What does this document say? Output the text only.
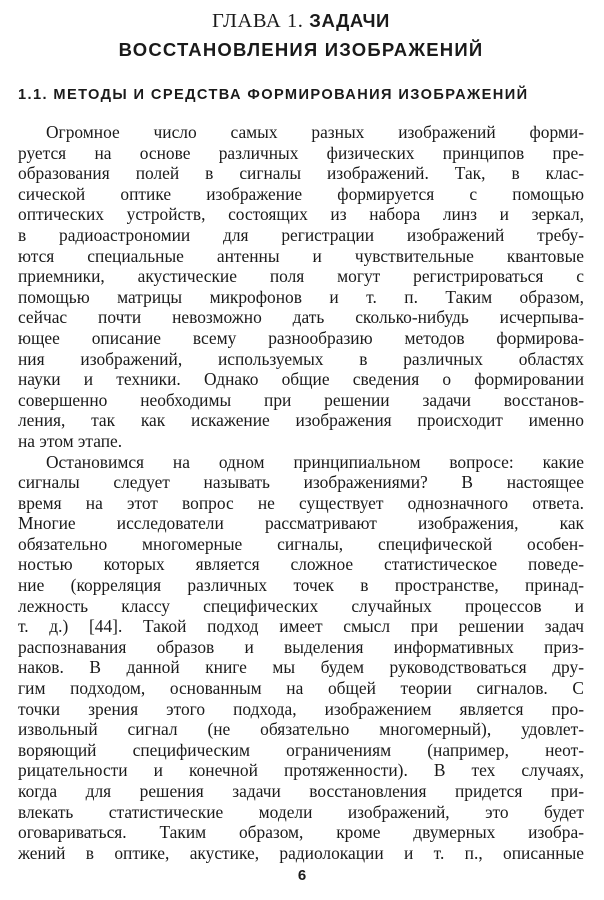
ГЛАВА 1. ЗАДАЧИ
ВОССТАНОВЛЕНИЯ ИЗОБРАЖЕНИЙ
1.1. МЕТОДЫ И СРЕДСТВА ФОРМИРОВАНИЯ ИЗОБРАЖЕНИЙ
Огромное число самых разных изображений форми-
руется на основе различных физических принципов пре-
образования полей в сигналы изображений. Так, в клас-
сической оптике изображение формируется с помощью
оптических устройств, состоящих из набора линз и зеркал,
в радиоастрономии для регистрации изображений требу-
ются специальные антенны и чувствительные квантовые
приемники, акустические поля могут регистрироваться с
помощью матрицы микрофонов и т. п. Таким образом,
сейчас почти невозможно дать сколько-нибудь исчерпыва-
ющее описание всему разнообразию методов формирова-
ния изображений, используемых в различных областях
науки и техники. Однако общие сведения о формировании
совершенно необходимы при решении задачи восстанов-
ления, так как искажение изображения происходит именно
на этом этапе.
Остановимся на одном принципиальном вопросе: какие
сигналы следует называть изображениями? В настоящее
время на этот вопрос не существует однозначного ответа.
Многие исследователи рассматривают изображения, как
обязательно многомерные сигналы, специфической особен-
ностью которых является сложное статистическое поведе-
ние (корреляция различных точек в пространстве, принад-
лежность классу специфических случайных процессов и
т. д.) [44]. Такой подход имеет смысл при решении задач
распознавания образов и выделения информативных приз-
наков. В данной книге мы будем руководствоваться дру-
гим подходом, основанным на общей теории сигналов. С
точки зрения этого подхода, изображением является про-
извольный сигнал (не обязательно многомерный), удовлет-
воряющий специфическим ограничениям (например, неот-
рицательности и конечной протяженности). В тех случаях,
когда для решения задачи восстановления придется при-
влекать статистические модели изображений, это будет
оговариваться. Таким образом, кроме двумерных изобра-
жений в оптике, акустике, радиолокации и т. п., описанные
6
